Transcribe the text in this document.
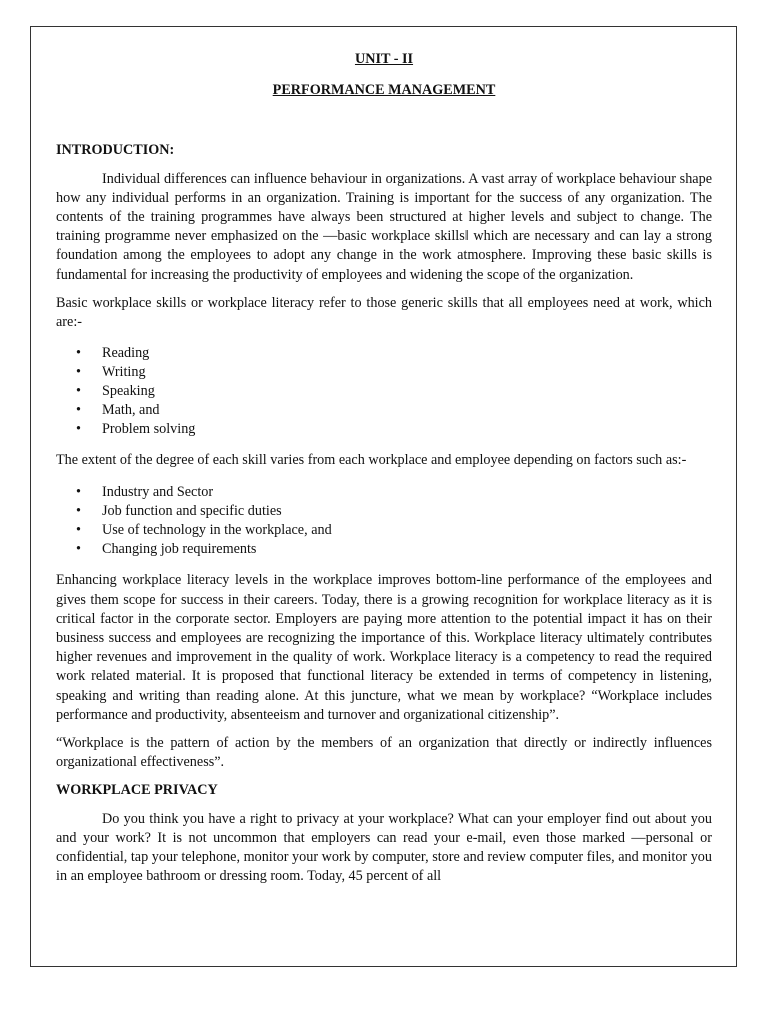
UNIT - II

PERFORMANCE MANAGEMENT

INTRODUCTION:

Individual differences can influence behaviour in organizations. A vast array of workplace behaviour shape how any individual performs in an organization. Training is important for the success of any organization. The contents of the training programmes have always been structured at higher levels and subject to change. The training programme never emphasized on the ―basic workplace skills‖ which are necessary and can lay a strong foundation among the employees to adopt any change in the work atmosphere. Improving these basic skills is fundamental for increasing the productivity of employees and widening the scope of the organization.

Basic workplace skills or workplace literacy refer to those generic skills that all employees need at work, which are:-

• Reading
• Writing
• Speaking
• Math, and
• Problem solving

The extent of the degree of each skill varies from each workplace and employee depending on factors such as:-

• Industry and Sector
• Job function and specific duties
• Use of technology in the workplace, and
• Changing job requirements

Enhancing workplace literacy levels in the workplace improves bottom-line performance of the employees and gives them scope for success in their careers. Today, there is a growing recognition for workplace literacy as it is critical factor in the corporate sector. Employers are paying more attention to the potential impact it has on their business success and employees are recognizing the importance of this. Workplace literacy ultimately contributes higher revenues and improvement in the quality of work. Workplace literacy is a competency to read the required work related material. It is proposed that functional literacy be extended in terms of competency in listening, speaking and writing than reading alone. At this juncture, what we mean by workplace? “Workplace includes performance and productivity, absenteeism and turnover and organizational citizenship”.

“Workplace is the pattern of action by the members of an organization that directly or indirectly influences organizational effectiveness”.

WORKPLACE PRIVACY

Do you think you have a right to privacy at your workplace? What can your employer find out about you and your work? It is not uncommon that employers can read your e-mail, even those marked ―personal or confidential, tap your telephone, monitor your work by computer, store and review computer files, and monitor you in an employee bathroom or dressing room. Today, 45 percent of all
